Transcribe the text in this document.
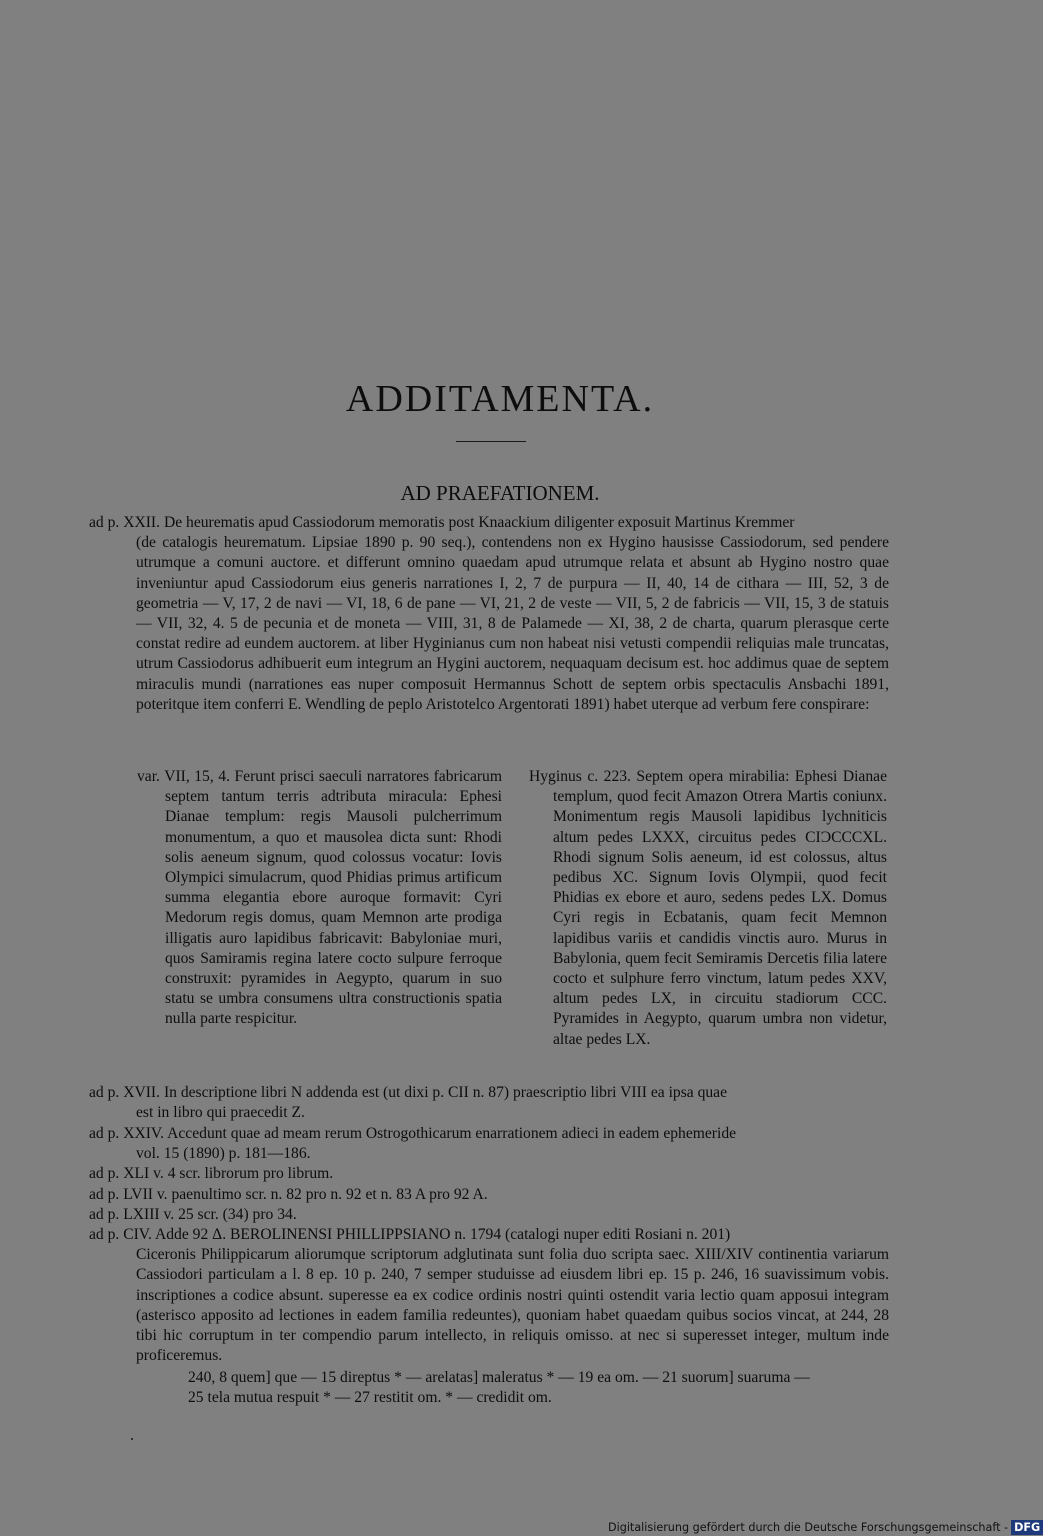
ADDITAMENTA.
AD PRAEFATIONEM.
ad p. XXII. De heurematis apud Cassiodorum memoratis post Knaackium diligenter exposuit Martinus Kremmer
(de catalogis heurematum. Lipsiae 1890 p. 90 seq.), contendens non ex Hygino hausisse Cassiodorum, sed pendere utrumque a comuni auctore. et differunt omnino quaedam apud utrumque relata et absunt ab Hygino nostro quae inveniuntur apud Cassiodorum eius generis narrationes I, 2, 7 de purpura — II, 40, 14 de cithara — III, 52, 3 de geometria — V, 17, 2 de navi — VI, 18, 6 de pane — VI, 21, 2 de veste — VII, 5, 2 de fabricis — VII, 15, 3 de statuis — VII, 32, 4. 5 de pecunia et de moneta — VIII, 31, 8 de Palamede — XI, 38, 2 de charta, quarum plerasque certe constat redire ad eundem auctorem. at liber Hyginianus cum non habeat nisi vetusti compendii reliquias male truncatas, utrum Cassiodorus adhibuerit eum integrum an Hygini auctorem, nequaquam decisum est. hoc addimus quae de septem miraculis mundi (narrationes eas nuper composuit Hermannus Schott de septem orbis spectaculis Ansbachi 1891, poteritque item conferri E. Wendling de peplo Aristotelco Argentorati 1891) habet uterque ad verbum fere conspirare:
var. VII, 15, 4. Ferunt prisci saeculi narratores fabricarum septem tantum terris adtributa miracula: Ephesi Dianae templum: regis Mausoli pulcherrimum monumentum, a quo et mausolea dicta sunt: Rhodi solis aeneum signum, quod colossus vocatur: Iovis Olympici simulacrum, quod Phidias primus artificum summa elegantia ebore auroque formavit: Cyri Medorum regis domus, quam Memnon arte prodiga illigatis auro lapidibus fabricavit: Babyloniae muri, quos Samiramis regina latere cocto sulpure ferroque construxit: pyramides in Aegypto, quarum in suo statu se umbra consumens ultra constructionis spatia nulla parte respicitur.
Hyginus c. 223. Septem opera mirabilia: Ephesi Dianae templum, quod fecit Amazon Otrera Martis coniunx. Monimentum regis Mausoli lapidibus lychniticis altum pedes LXXX, circuitus pedes CIƆCCCXL. Rhodi signum Solis aeneum, id est colossus, altus pedibus XC. Signum Iovis Olympii, quod fecit Phidias ex ebore et auro, sedens pedes LX. Domus Cyri regis in Ecbatanis, quam fecit Memnon lapidibus variis et candidis vinctis auro. Murus in Babylonia, quem fecit Semiramis Dercetis filia latere cocto et sulphure ferro vinctum, latum pedes XXV, altum pedes LX, in circuitu stadiorum CCC. Pyramides in Aegypto, quarum umbra non videtur, altae pedes LX.
ad p. XVII. In descriptione libri N addenda est (ut dixi p. CII n. 87) praescriptio libri VIII ea ipsa quae
est in libro qui praecedit Z.
ad p. XXIV. Accedunt quae ad meam rerum Ostrogothicarum enarrationem adieci in eadem ephemeride
vol. 15 (1890) p. 181—186.
ad p. XLI v. 4 scr. librorum pro librum.
ad p. LVII v. paenultimo scr. n. 82 pro n. 92 et n. 83 A pro 92 A.
ad p. LXIII v. 25 scr. (34) pro 34.
ad p. CIV. Adde 92 Δ. BEROLINENSI PHILLIPPSIANO n. 1794 (catalogi nuper editi Rosiani n. 201)
Ciceronis Philippicarum aliorumque scriptorum adglutinata sunt folia duo scripta saec. XIII/XIV continentia variarum Cassiodori particulam a l. 8 ep. 10 p. 240, 7 semper studuisse ad eiusdem libri ep. 15 p. 246, 16 suavissimum vobis. inscriptiones a codice absunt. superesse ea ex codice ordinis nostri quinti ostendit varia lectio quam apposui integram (asterisco apposito ad lectiones in eadem familia redeuntes), quoniam habet quaedam quibus socios vincat, at 244, 28 tibi hic corruptum in ter compendio parum intellecto, in reliquis omisso. at nec si superesset integer, multum inde proficeremus.
240, 8 quem] que — 15 direptus * — arelatas] maleratus * — 19 ea om. — 21 suorum] suaruma —
25 tela mutua respuit * — 27 restitit om. * — credidit om.
Digitalisierung gefördert durch die Deutsche Forschungsgemeinschaft - DFG
